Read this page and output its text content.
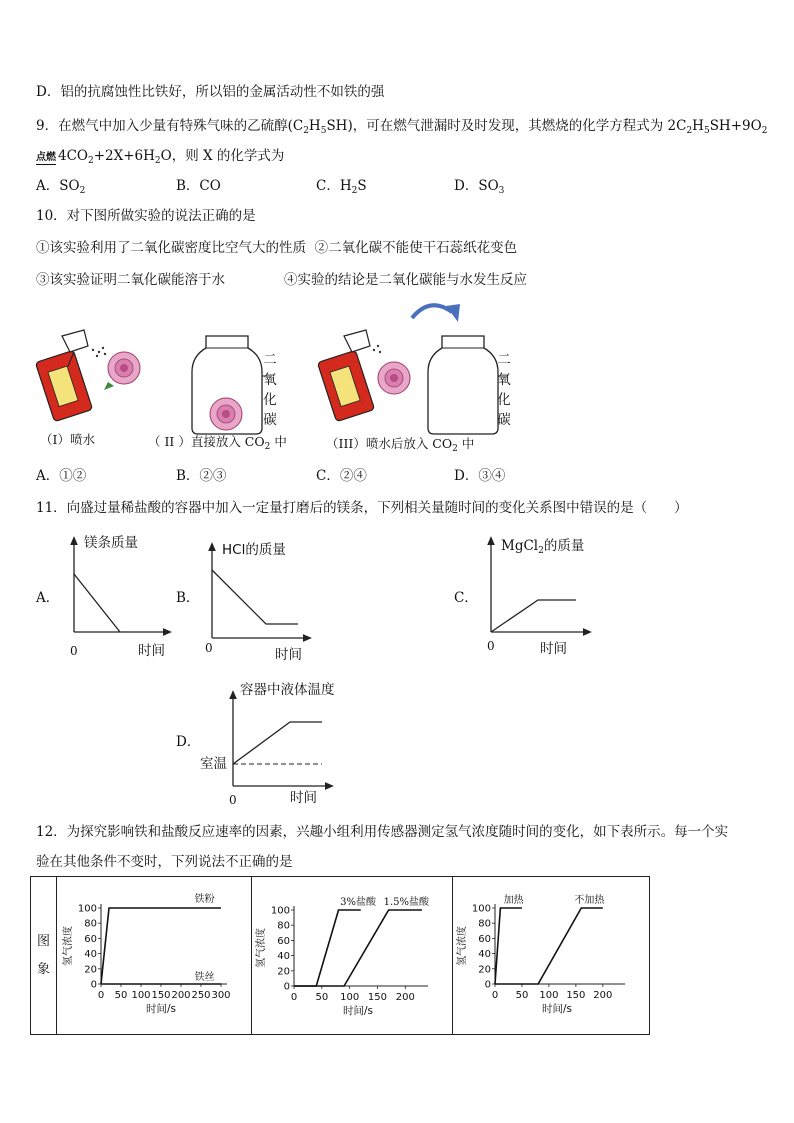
D．铝的抗腐蚀性比铁好，所以铝的金属活动性不如铁的强
9．在燃气中加入少量有特殊气味的乙硫醇$(C_2H_5SH)$，可在燃气泄漏时及时发现，其燃烧的化学方程式为 $2C_2H_5SH+9O_2$
点燃 $4CO_2+2X+6H_2O$，则 X 的化学式为
A．$SO_2$	B．CO	C．$H_2S$	D．$SO_3$
10．对下图所做实验的说法正确的是
①该实验利用了二氧化碳密度比空气大的性质 ②二氧化碳不能使干石蕊纸花变色
③该实验证明二氧化碳能溶于水	④实验的结论是二氧化碳能与水发生反应
二
氧
化
碳
二
氧
化
碳
（I）喷水	（ II ）直接放入 $CO_2$ 中	（III）喷水后放入 $CO_2$ 中
A．①②	B．②③	C．②④	D．③④
11．向盛过量稀盐酸的容器中加入一定量打磨后的镁条，下列相关量随时间的变化关系图中错误的是（　　）
A．
镁条质量
0	时间
B．
HCl的质量
0	时间
C．
MgCl$_2$的质量
0	时间
D．
容器中液体温度
室温
0	时间
12．为探究影响铁和盐酸反应速率的因素，兴趣小组利用传感器测定氢气浓度随时间的变化，如下表所示。每一个实
验在其他条件不变时，下列说法不正确的是
图
象

0
20
40
60
80
100
0 50 100 150 200 250 300
氢气浓度
时间/s
铁粉
铁丝

0
20
40
60
80
100
0 50 100 150 200
氢气浓度
时间/s
3%盐酸 1.5%盐酸

0
20
40
60
80
100
0 50 100 150 200
氢气浓度
时间/s
加热	不加热
